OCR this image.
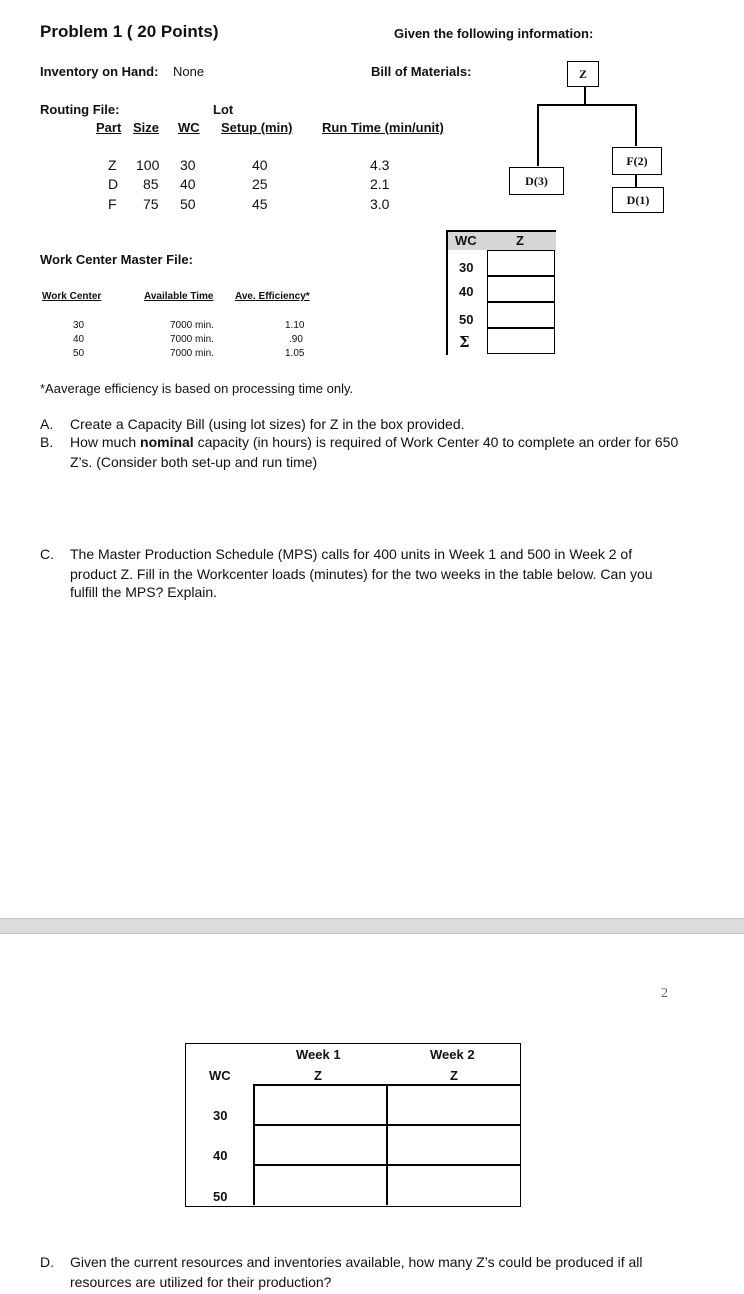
Problem 1 ( 20 Points)	Given the following information:
Inventory on Hand: None	Bill of Materials:
Routing File:	Lot
Part Size WC Setup (min) Run Time (min/unit)
Z 100 30	40	4.3
D 85 40	25	2.1
F 75 50	45	3.0
Z
D(3)
F(2)
D(1)
WC	Z
30
40
50
Σ
Work Center Master File:
Work Center	Available Time Ave. Efficiency*
30	7000 min.	1.10
40	7000 min.	.90
50	7000 min.	1.05
*Aaverage efficiency is based on processing time only.
A. Create a Capacity Bill (using lot sizes) for Z in the box provided.
B. How much nominal capacity (in hours) is required of Work Center 40 to complete an order for 650
Z’s. (Consider both set-up and run time)
C. The Master Production Schedule (MPS) calls for 400 units in Week 1 and 500 in Week 2 of
product Z. Fill in the Workcenter loads (minutes) for the two weeks in the table below. Can you
fulfill the MPS? Explain.
2
Week 1	Week 2
WC	Z	Z
30
40
50
D. Given the current resources and inventories available, how many Z’s could be produced if all
resources are utilized for their production?
